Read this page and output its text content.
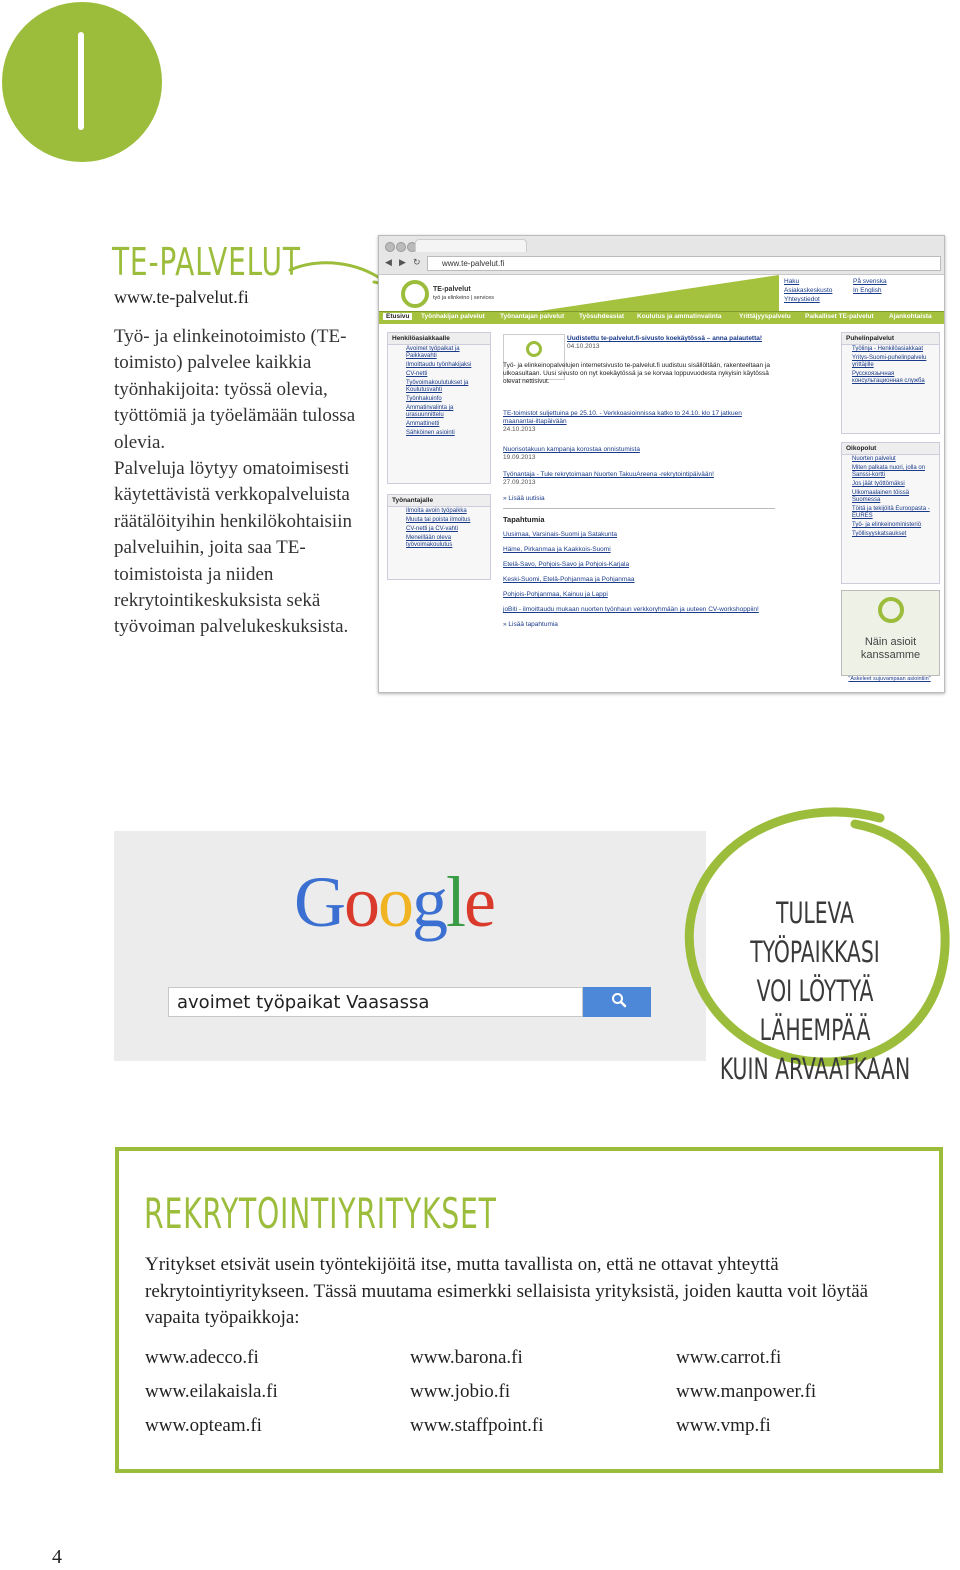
TE-PALVELUT
www.te-palvelut.fi

Työ- ja elinkeinotoimisto (TE-toimisto) palvelee kaikkia työnhakijoita: työssä olevia, työttömiä ja työelämään tulossa olevia.

Palveluja löytyy omatoimisesti käytettävistä verkkopalveluista räätälöityihin henkilökohtaisiin palveluihin, joita saa TE-toimistoista ja niiden rekrytointikeskuksista sekä työvoiman palvelukeskuksista.

◀ ▶ ↻	www.te-palvelut.fi
TE-palvelut
työ ja elinkeino | services
Haku
Asiakaskeskusto
Yhteystiedot
På svenska
In English
Etusivu	Työnhakijan palvelut Työnantajan palvelut Työsuhdeasiat Koulutus ja ammatinvalinta	Yrittäjyyspalvelu Paikalliset TE-palvelut Ajankohtaista
Henkilöasiakkaalle
Avoimet työpaikat ja Paikkavahti
Ilmoittaudu työnhakijaksi
CV-netti
Työvoimakoulutukset ja Koulutusvahti
Työnhakuinfo
Ammatinvalinta ja urasuunnittelu
Ammattinetti
Sähköinen asiointi
Työnantajalle
Ilmoita avoin työpaikka
Muuta tai poista ilmoitus
CV-netti ja CV-vahti
Meneillään oleva työvoimakoulutus
Uudistettu te-palvelut.fi-sivusto koekäytössä – anna palautetta!
04.10.2013
Työ- ja elinkeinopalvelujen internetsivusto te-palvelut.fi uudistuu sisällöltään, rakenteeltaan ja ulkoasultaan. Uusi sivusto on nyt koekäytössä ja se korvaa loppuvuodesta nykyisin käytössä olevat nettisivut.
TE-toimistot suljettuina pe 25.10. - Verkkoasioinnissa katko to 24.10. klo 17 jatkuen maanantai-iltapäivään
24.10.2013
Nuorisotakuun kampanja korostaa onnistumista
19.09.2013
Työnantaja - Tule rekrytoimaan Nuorten TakuuAreena -rekrytointipäivään!
27.09.2013
» Lisää uutisia
Tapahtumia
Uusimaa, Varsinais-Suomi ja Satakunta
Häme, Pirkanmaa ja Kaakkois-Suomi
Etelä-Savo, Pohjois-Savo ja Pohjois-Karjala
Keski-Suomi, Etelä-Pohjanmaa ja Pohjanmaa
Pohjois-Pohjanmaa, Kainuu ja Lappi
joBiti - ilmoittaudu mukaan nuorten työnhaun verkkoryhmään ja uuteen CV-workshoppiin!
» Lisää tapahtumia
Puhelinpalvelut
Työlinja - Henkilöasiakkaat
Yritys-Suomi-puhelinpalvelu yrittäjille
Русскоязычная консультационная служба
Oikopolut
Nuorten palvelut
Miten palkata nuori, jolla on Sanssi-kortti
Jos jäät työttömäksi
Ulkomaalainen töissä Suomessa
Töitä ja tekijöitä Euroopasta - EURES
Työ- ja elinkeinoministeriö
Työllisyyskatsaukset
Näin asioit kanssamme
"Askeleet sujuvampaan asiointiin"
Google
avoimet työpaikat Vaasassa
TULEVA TYÖPAIKKASI
VOI LÖYTYÄ LÄHEMPÄÄ
KUIN ARVAATKAAN
REKRYTOINTIYRITYKSET
Yritykset etsivät usein työntekijöitä itse, mutta tavallista on, että ne ottavat yhteyttä rekrytointiyritykseen. Tässä muutama esimerkki sellaisista yrityksistä, joiden kautta voit löytää vapaita työpaikkoja:
www.adecco.fi	www.barona.fi	www.carrot.fi
www.eilakaisla.fi	www.jobio.fi	www.manpower.fi
www.opteam.fi	www.staffpoint.fi	www.vmp.fi
4
